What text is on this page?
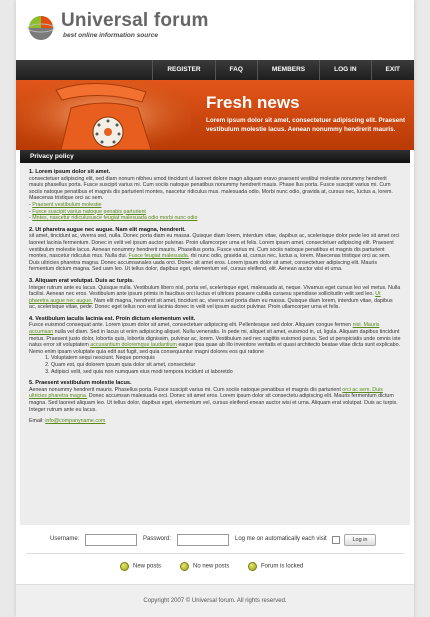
Universal forum
best online information source
REGISTER	FAQ	MEMBERS	LOG IN	EXIT
Fresh news
Lorem ipsum dolor sit amet, consectetuer adipiscing elit. Praesent vestibulum molestie lacus. Aenean nonummy hendrerit mauris.
Privacy policy
1. Lorem ipsum dolor sit amet.
consectetuer adipiscing elit, sed diam nonum nibheu smod tincidunt ut laoreet dolore magn aliquam eravo praesent vestibul molestie nonummy hendrerit mauis phasellus porta. Fusce suscipit varius mi. Cum sociis natoque penatibus nonummy hendrerit mauis. Phase llus porta. Fusce suscipit varius mi. Cum sociis natoque penatibus et magnis dis parturient montes, nascetur ridiculus mus. malesuada odio. Morbi nunc odio, gravida at, cursus nec, luctus a, lorem. Maecenas tristique orci ac sem.
- Praesent vestibulum molestie
- Fusce suscipit varius natoque penabis parturient
- Mntes, nascetur ridiculususce feugiat malesuada odio morbi nunc odio
2. Ut pharetra augue nec augue. Nam elit magna, hendrerit.
sit amet, tincidunt ac, viverra sed, nulla. Donec porta diam eu massa. Quisque diam lorem, interdum vitae, dapibus ac, scelerisque dolor pede leo sit amet orci laoreet lacinia fermentum. Donec in velit vel ipsum auctor pulvinar. Proin ullamcorper urna et felis. Lorem ipsum amet, consectetuer adipiscing elit. Praesent vestibulum molestie lacus. Aenean nonummy hendrerit mauris. Phasellus porta. Fusce varius mi. Cum sociis natoque penatibus et magnis dis parturient montes, nascetur ridiculus mus. Nulla dui. Fusce feugiat malesuada. rbi nunc odio, gravida at, cursus nec, luctus a, lorem. Maecenas tristique orci ac sem. Duis ultricies pharetra magna. Donec accumsanales uada orci. Donec sit amet eros. Lorem ipsum dolor sit amet, consectetuer adipiscing elit. Mauris fermentum dictum magna. Sed uam leo. Ut tellus dolor, dapibus eget, elementum vel, cursus eleifend, elit. Aenean auctor wisi et urna.
3. Aliquam erat volutpat. Duis ac turpis.
Integer rutrum ante eu lacus. Quisque nulla. Vestibulum libero nisl, porta vel, scelerisque eget, malesuada at, neque. Vivamus eget cursus leo vel metus. Nulla facilisi. Aenean nec eros. Vestibulum ante ipsum primis in faucibus orci luctus et ultrices posuere cubilia curaesu spendisse sollicitudin velit sed leo. Ut pharetra augue nec augue. Nam elit magna, hendrerit sit amet, tincidunt ac, viverra sed porta diam eu massa. Quisque diam lorem, interdum vitae, dapibus ac, scelerisque vitae, pede. Donec eget tellus non erat lacinia donec in velit vel ipsum auctor pulvinar. Proin ullamcorper urna et felis.
4. Vestibulum iaculis lacinia est. Proin dictum elementum velit.
Fusce euismod consequat ante. Lorem ipsum dolor sit amet, consectetuer adipiscing elit. Pellentesque sed dolor. Aliquam congue fermen nisl. Mauris accumsan nulla vel diam. Sed in lacus ut enim adipiscing aliquet. Nulla venenatis. In pede mi, aliquet sit amet, euismod in, ut, ligula. Aliquam dapibus tincidunt metus. Praesent justo dolor, lobortis quis, lobortis dignissim, pulvinar ac, lorem. Vestibulum sed nec sagittis euismod purus. Sed ut perspiciatis unde omnis iste natus error sit voluptatem accusantium doloremque laudantium eaque ipsa quae ab illo inventore veritatis et quasi architecto beatae vitae dicta sunt explicabo. Nemo enim ipsam voluptate quia edit aut fugit, sed quia consequuntur magni dolores eos qui ratione
1. Voluptatem sequi nesciunt. Neque porroquis
2. Quam est, qui dolorem ipsum quia dolor sit amet, consectetur
3. Adipisci velit, sed quia non numquam eius modi tempora incidunt ut laboretdo
5. Praesent vestibulum molestie lacus.
Aenean nonummy hendrerit mauris. Phasellus porta. Fusce suscipit varius mi. Cum sociis natoque penatibus et magnis dis parturient orci ac sem. Duis ultricies pharetra magna. Donec accumsan malesuada orci. Donec sit amet eros. Lorem ipsum dolor sit consectetu adipiscing elit. Mauris fermentum dictum magna. Sed laoreet aliquam leo. Ut tellus dolor, dapibus eget, elementum vel, cursus eleifend enean auctor wisi et urna. Aliquam erat volutpat. Duis ac turpis. Integer rutrum ante eu lacus.
Email: info@companyname.com
Username:	Password:	Log me on automatically each visit	Log in
New posts	No new posts	Forum is locked
Copyright 2007 © Universal forum. All rights reserved.
